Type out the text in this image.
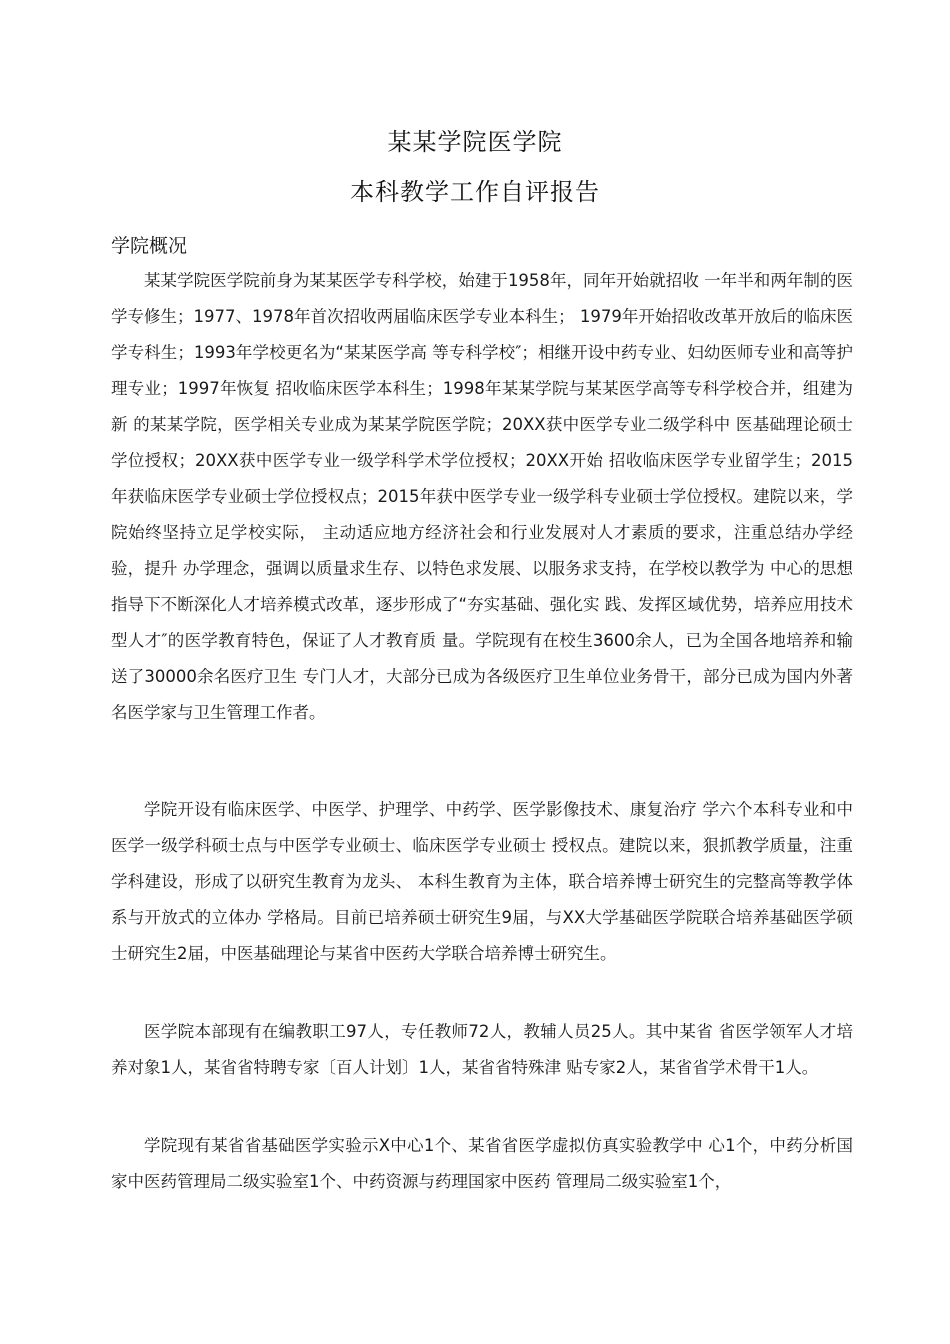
某某学院医学院
本科教学工作自评报告
学院概况

某某学院医学院前身为某某医学专科学校，始建于1958年，同年开始就招收 一年半和两年制的医学专修生；1977、1978年首次招收两届临床医学专业本科生； 1979年开始招收改革开放后的临床医学专科生；1993年学校更名为“某某医学高 等专科学校″；相继开设中药专业、妇幼医师专业和高等护理专业；1997年恢复 招收临床医学本科生；1998年某某学院与某某医学高等专科学校合并，组建为新 的某某学院，医学相关专业成为某某学院医学院；20XX获中医学专业二级学科中 医基础理论硕士学位授权；20XX获中医学专业一级学科学术学位授权；20XX开始 招收临床医学专业留学生；2015年获临床医学专业硕士学位授权点；2015年获中医学专业一级学科专业硕士学位授权。建院以来，学院始终坚持立足学校实际， 主动适应地方经济社会和行业发展对人才素质的要求，注重总结办学经验，提升 办学理念，强调以质量求生存、以特色求发展、以服务求支持，在学校以教学为 中心的思想指导下不断深化人才培养模式改革，逐步形成了“夯实基础、强化实 践、发挥区域优势，培养应用技术型人才″的医学教育特色，保证了人才教育质 量。学院现有在校生3600余人，已为全国各地培养和输送了30000余名医疗卫生 专门人才，大部分已成为各级医疗卫生单位业务骨干，部分已成为国内外著名医学家与卫生管理工作者。

学院开设有临床医学、中医学、护理学、中药学、医学影像技术、康复治疗 学六个本科专业和中医学一级学科硕士点与中医学专业硕士、临床医学专业硕士 授权点。建院以来，狠抓教学质量，注重学科建设，形成了以研究生教育为龙头、 本科生教育为主体，联合培养博士研究生的完整高等教学体系与开放式的立体办 学格局。目前已培养硕士研究生9届，与XX大学基础医学院联合培养基础医学硕 士研究生2届，中医基础理论与某省中医药大学联合培养博士研究生。

医学院本部现有在编教职工97人，专任教师72人，教辅人员25人。其中某省 省医学领军人才培养对象1人，某省省特聘专家〔百人计划〕1人，某省省特殊津 贴专家2人，某省省学术骨干1人。

学院现有某省省基础医学实验示X中心1个、某省省医学虚拟仿真实验教学中 心1个，中药分析国家中医药管理局二级实验室1个、中药资源与药理国家中医药 管理局二级实验室1个，
